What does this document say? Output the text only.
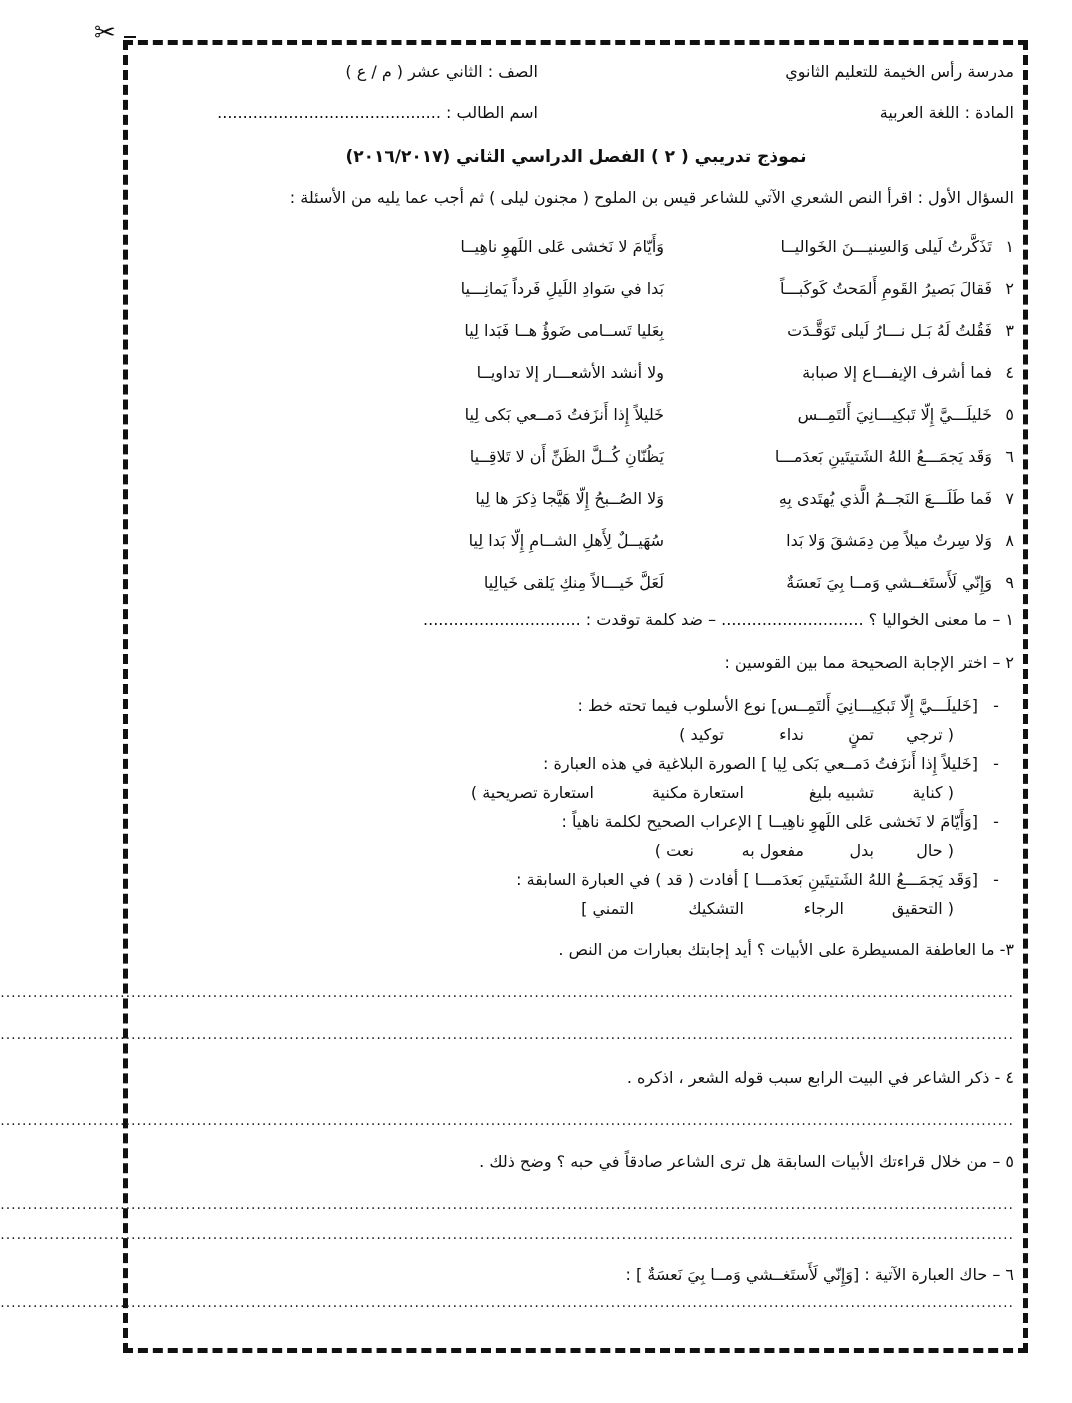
✂
مدرسة رأس الخيمة للتعليم الثانوي
الصف : الثاني عشر ( م / ع )
المادة : اللغة العربية
اسم الطالب : ............................................
نموذج تدريبي ( ٢ ) الفصل الدراسي الثاني (٢٠١٦/٢٠١٧)
السؤال الأول : اقرأ النص الشعري الآتي للشاعر قيس بن الملوح ( مجنون ليلى ) ثم أجب عما يليه من الأسئلة :
١
تَذَكَّرتُ لَيلى وَالسِنيـــنَ الخَواليــا
وَأَيّامَ لا نَخشى عَلى اللَهوِ ناهِيــا
٢
فَقالَ بَصيرُ القَومِ أَلمَحتُ كَوكَبـــاً
بَدا في سَوادِ اللَيلِ فَرداً يَمانِـــيا
٣
فَقُلتُ لَهُ بَـل نـــارُ لَيلى تَوَقَّـدَت
بِعَليا تَســامى ضَوؤُ هــا فَبَدا لِيا
٤
فما أشرف الإيفـــاع إلا صبابة
ولا أنشد الأشعـــار إلا تداويــا
٥
خَليلَـــيَّ إِلّا تَبكِيـــانِيَ أَلتَمِــس
خَليلاً إِذا أَنزَفتُ دَمــعي بَكى لِيا
٦
وَقَد يَجمَـــعُ اللهُ الشَتيتَينِ بَعدَمـــا
يَظُنّانِ كُــلَّ الظَنِّ أَن لا تَلاقِــيا
٧
فَما طَلَـــعَ النَجــمُ الَّذي يُهتَدى بِهِ
وَلا الصُــبحُ إِلّا هَيَّجا ذِكرَ ها لِيا
٨
وَلا سِرتُ ميلاً مِن دِمَشقَ وَلا بَدا
سُهَيــلٌ لِأَهلِ الشــامِ إِلّا بَدا لِيا
٩
وَإِنّي لَأَستَغــشي وَمــا بِيَ نَعسَةٌ
لَعَلَّ خَيـــالاً مِنكِ يَلقى خَيالِيا
١ – ما معنى الخواليا ؟ ............................ – ضد كلمة توقدت : ...............................
٢ – اختر الإجابة الصحيحة مما بين القوسين :
-[خَليلَـــيَّ إِلّا تَبكِيـــانِيَ أَلتَمِــس] نوع الأسلوب فيما تحته خط :
( ترجي
تمنٍ
نداء
توكيد )
-[خَليلاً إِذا أَنزَفتُ دَمــعي بَكى لِيا ] الصورة البلاغية في هذه العبارة :
( كناية
تشبيه بليغ
استعارة مكنية
استعارة تصريحية )
-[وَأَيّامَ لا نَخشى عَلى اللَهوِ ناهِيــا ] الإعراب الصحيح لكلمة ناهياً :
( حال
بدل
مفعول به
نعت )
-[وَقَد يَجمَـــعُ اللهُ الشَتيتَينِ بَعدَمـــا ] أفادت ( قد ) في العبارة السابقة :
( التحقيق
الرجاء
التشكيك
التمني ]
٣- ما العاطفة المسيطرة على الأبيات ؟ أيد إجابتك بعبارات من النص .
..........................................................................................................................................................................................
..........................................................................................................................................................................................
٤ - ذكر الشاعر في البيت الرابع سبب قوله الشعر ، اذكره .
..........................................................................................................................................................................................
٥ – من خلال قراءتك الأبيات السابقة هل ترى الشاعر صادقاً في حبه ؟ وضح ذلك .
..........................................................................................................................................................................................
..........................................................................................................................................................................................
٦ – حاك العبارة الآتية : [وَإِنّي لَأَستَغــشي وَمــا بِيَ نَعسَةٌ ] :
..........................................................................................................................................................................................
